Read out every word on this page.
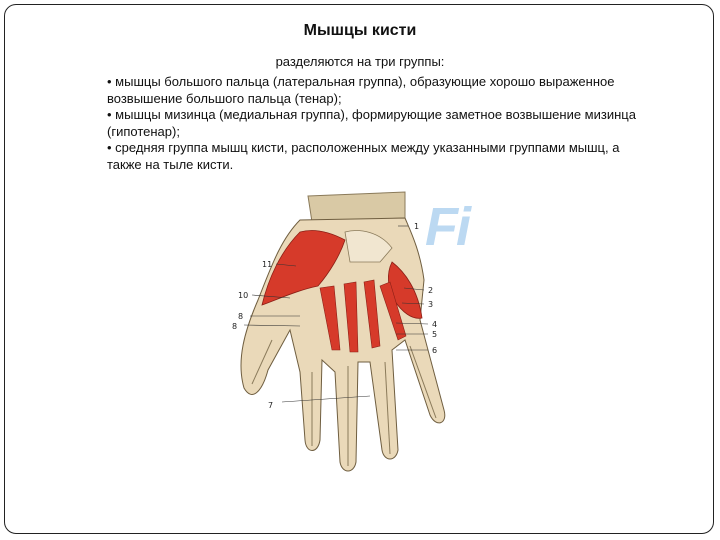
Мышцы кисти
разделяются на три группы:

• мышцы большого пальца (латеральная группа), образующие хорошо выраженное возвышение большого пальца (тенар);

• мышцы мизинца (медиальная группа), формирующие заметное возвышение мизинца (гипотенар);

• средняя группа мышц кисти, расположенных между указанными группами мышц, а также на тыле кисти.

Fi
1
2
3
4
5
6
7
8
8
10
11
